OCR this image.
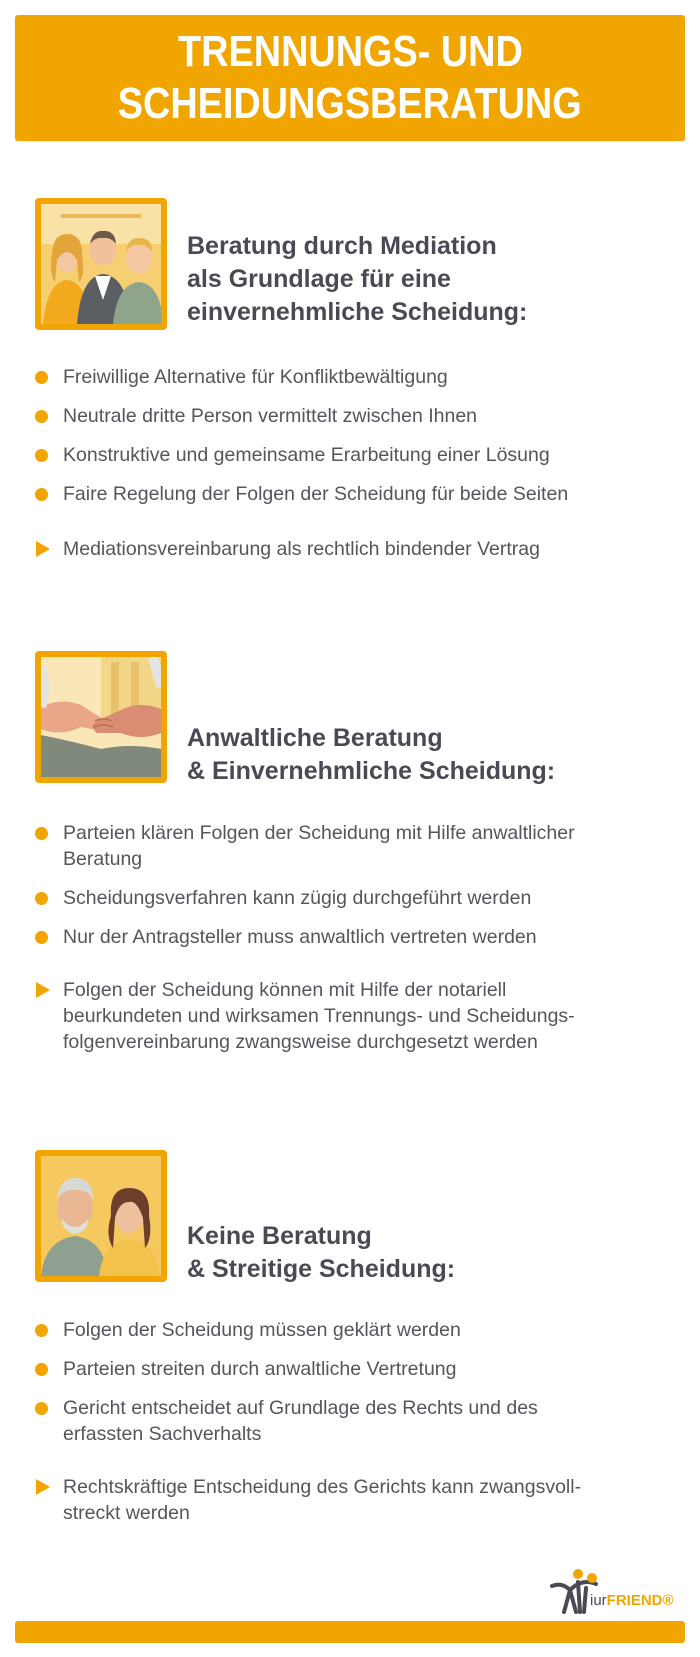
TRENNUNGS- UND
SCHEIDUNGSBERATUNG
Beratung durch Mediation
als Grundlage für eine
einvernehmliche Scheidung:
Freiwillige Alternative für Konfliktbewältigung
Neutrale dritte Person vermittelt zwischen Ihnen
Konstruktive und gemeinsame Erarbeitung einer Lösung
Faire Regelung der Folgen der Scheidung für beide Seiten
Mediationsvereinbarung als rechtlich bindender Vertrag
Anwaltliche Beratung
& Einvernehmliche Scheidung:
Parteien klären Folgen der Scheidung mit Hilfe anwaltlicher
Beratung
Scheidungsverfahren kann zügig durchgeführt werden
Nur der Antragsteller muss anwaltlich vertreten werden
Folgen der Scheidung können mit Hilfe der notariell
beurkundeten und wirksamen Trennungs- und Scheidungs-
folgenvereinbarung zwangsweise durchgesetzt werden
Keine Beratung
& Streitige Scheidung:
Folgen der Scheidung müssen geklärt werden
Parteien streiten durch anwaltliche Vertretung
Gericht entscheidet auf Grundlage des Rechts und des
erfassten Sachverhalts
Rechtskräftige Entscheidung des Gerichts kann zwangsvoll-
streckt werden
iurFRIEND®
